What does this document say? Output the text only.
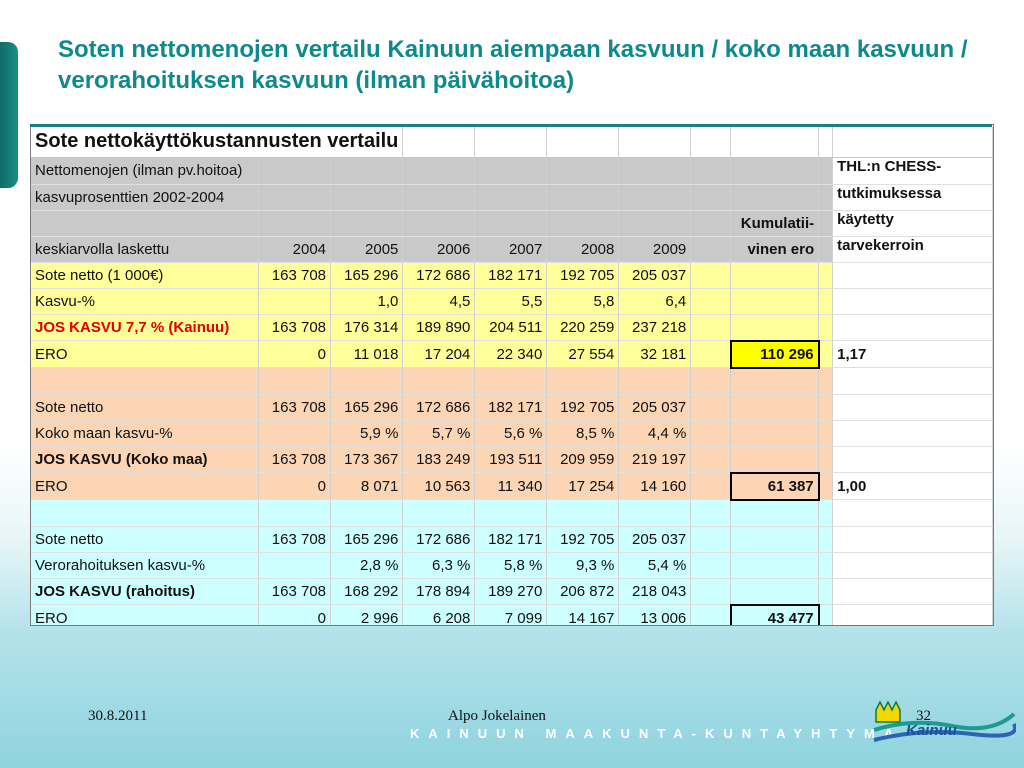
Soten nettomenojen vertailu Kainuun aiempaan kasvuun / koko maan kasvuun / verorahoituksen kasvuun (ilman päivähoitoa)
Sote nettokäyttökustannusten vertailu										
Nettomenojen (ilman pv.hoitoa)										THL:n CHESS-
kasvuprosenttien 2002-2004										tutkimuksessa
								Kumulatii-		käytetty
keskiarvolla laskettu	2004	2005	2006	2007	2008	2009		vinen ero		tarvekerroin
Sote netto (1 000€)	163 708	165 296	172 686	182 171	192 705	205 037				
Kasvu-%		1,0	4,5	5,5	5,8	6,4				
JOS KASVU 7,7 % (Kainuu)	163 708	176 314	189 890	204 511	220 259	237 218				
ERO	0	11 018	17 204	22 340	27 554	32 181		110 296		1,17

Sote netto	163 708	165 296	172 686	182 171	192 705	205 037				
Koko maan kasvu-%		5,9 %	5,7 %	5,6 %	8,5 %	4,4 %				
JOS KASVU (Koko maa)	163 708	173 367	183 249	193 511	209 959	219 197				
ERO	0	8 071	10 563	11 340	17 254	14 160		61 387		1,00

Sote netto	163 708	165 296	172 686	182 171	192 705	205 037				
Verorahoituksen kasvu-%		2,8 %	6,3 %	5,8 %	9,3 %	5,4 %				
JOS KASVU (rahoitus)	163 708	168 292	178 894	189 270	206 872	218 043				
ERO	0	2 996	6 208	7 099	14 167	13 006		43 477		
30.8.2011	Alpo Jokelainen	32
KAINUUN MAAKUNTA-KUNTAYHTYMÄ Kainuu
